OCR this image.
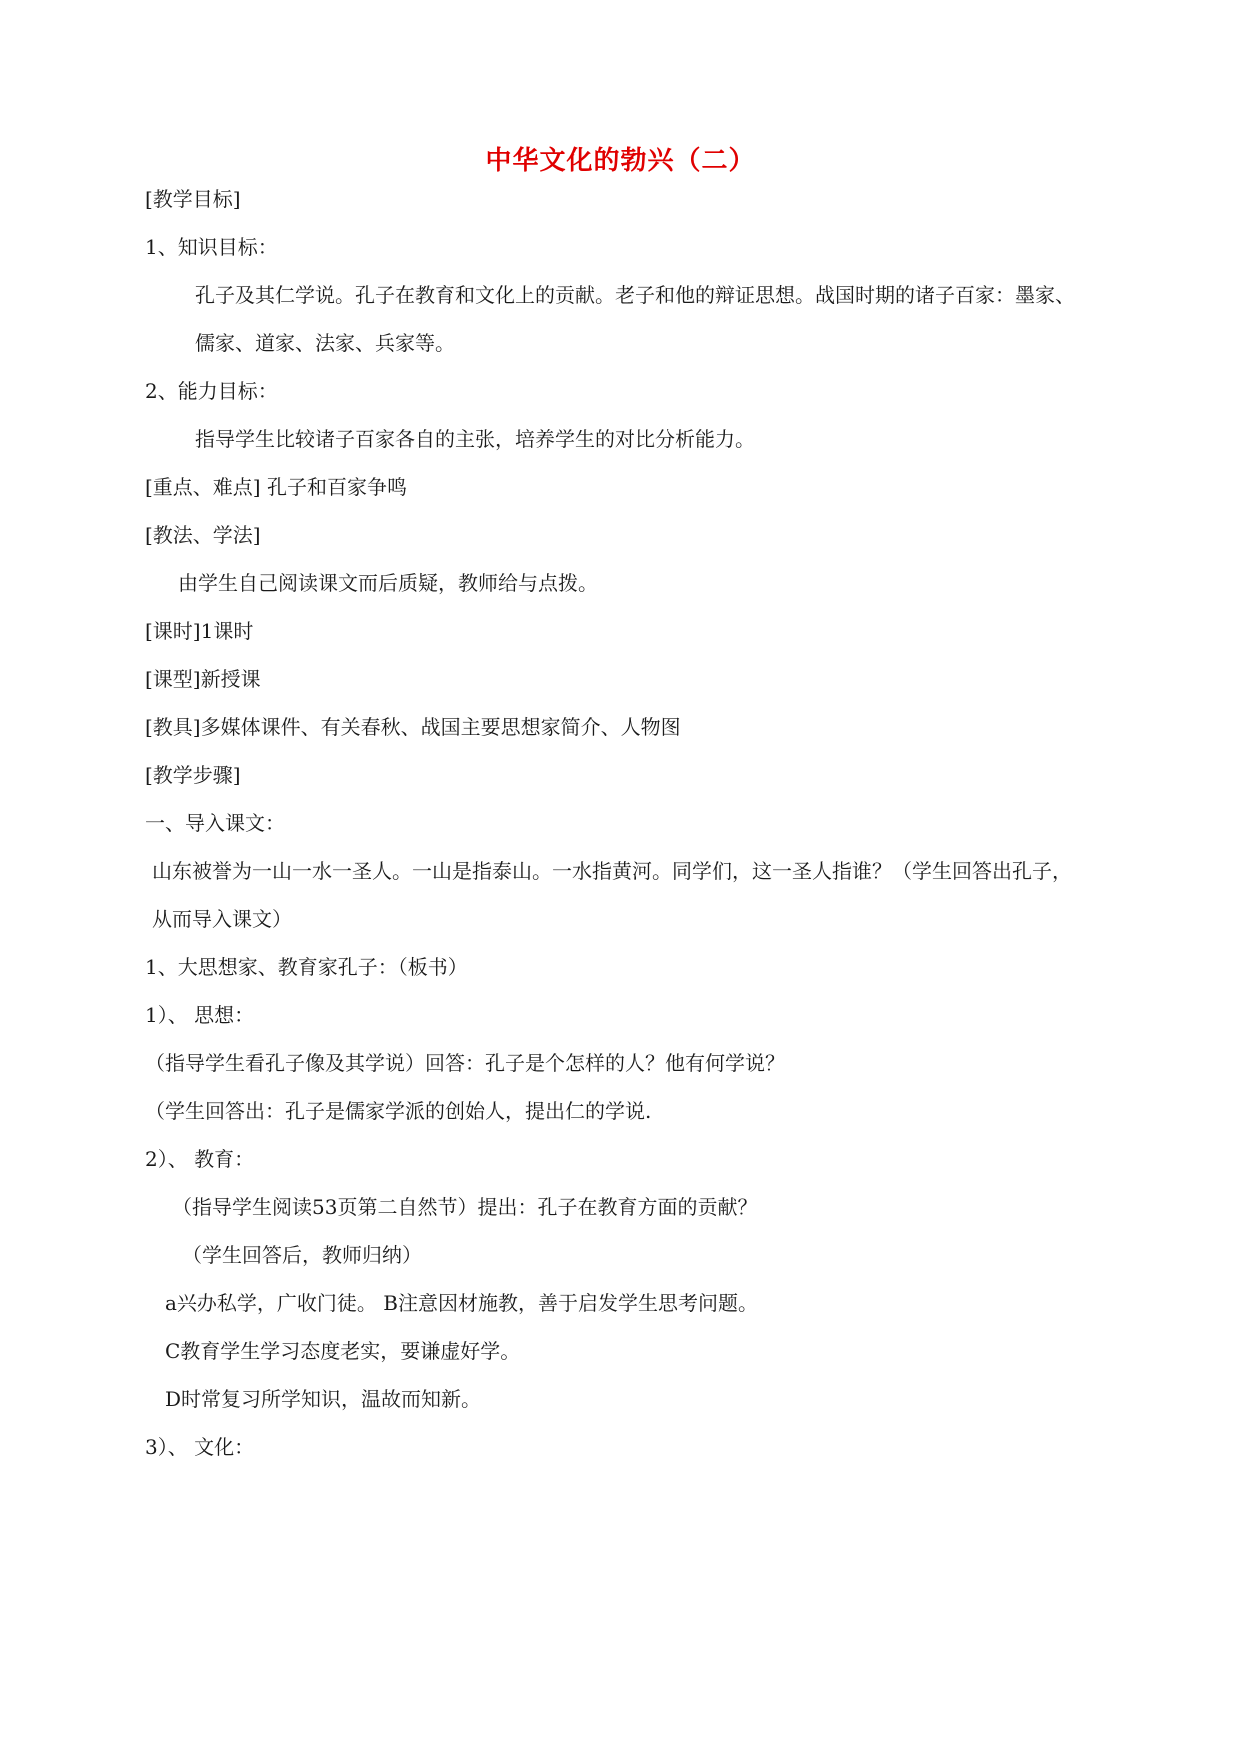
中华文化的勃兴（二）
[教学目标]
1、知识目标：
孔子及其仁学说。孔子在教育和文化上的贡献。老子和他的辩证思想。战国时期的诸子百家：墨家、
儒家、道家、法家、兵家等。
2、能力目标：
指导学生比较诸子百家各自的主张，培养学生的对比分析能力。
[重点、难点] 孔子和百家争鸣
[教法、学法]
由学生自己阅读课文而后质疑，教师给与点拨。
[课时]1课时
[课型]新授课
[教具]多媒体课件、有关春秋、战国主要思想家简介、人物图
[教学步骤]
一、导入课文：
山东被誉为一山一水一圣人。一山是指泰山。一水指黄河。同学们，这一圣人指谁？（学生回答出孔子，
从而导入课文）
1、大思想家、教育家孔子：（板书）
1）、 思想：
（指导学生看孔子像及其学说）回答：孔子是个怎样的人？他有何学说？
（学生回答出：孔子是儒家学派的创始人，提出仁的学说.
2）、 教育：
（指导学生阅读53页第二自然节）提出：孔子在教育方面的贡献？
（学生回答后，教师归纳）
a兴办私学，广收门徒。 B注意因材施教，善于启发学生思考问题。
C教育学生学习态度老实，要谦虚好学。
D时常复习所学知识，温故而知新。
3）、 文化：
